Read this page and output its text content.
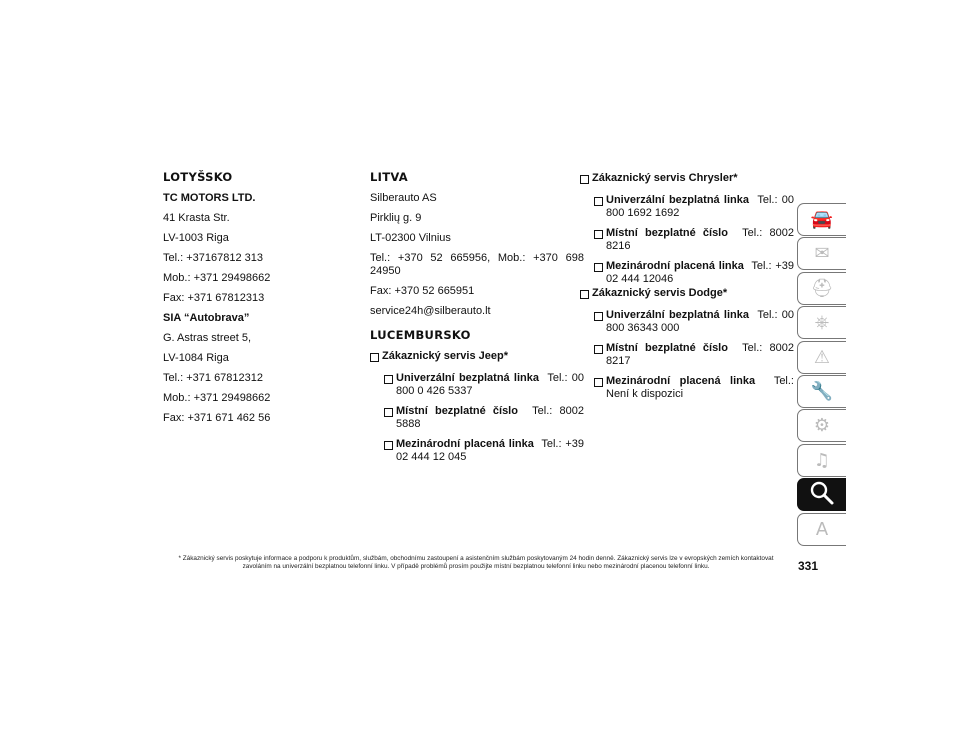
LOTYŠSKO
TC MOTORS LTD.
41 Krasta Str.
LV-1003 Riga
Tel.: +37167812 313
Mob.: +371 29498662
Fax: +371 67812313
SIA “Autobrava”
G. Astras street 5,
LV-1084 Riga
Tel.: +371 67812312
Mob.: +371 29498662
Fax: +371 671 462 56
LITVA
Silberauto AS
Pirklių g. 9
LT-02300 Vilnius
Tel.: +370 52 665956, Mob.: +370 698 24950
Fax: +370 52 665951
service24h@silberauto.lt
LUCEMBURSKO
Zákaznický servis Jeep*
Univerzální bezplatná linka Tel.: 00 800 0 426 5337
Místní bezplatné číslo Tel.: 8002 5888
Mezinárodní placená linka Tel.: +39 02 444 12 045
Zákaznický servis Chrysler*
Univerzální bezplatná linka Tel.: 00 800 1692 1692
Místní bezplatné číslo Tel.: 8002 8216
Mezinárodní placená linka Tel.: +39 02 444 12046
Zákaznický servis Dodge*
Univerzální bezplatná linka Tel.: 00 800 36343 000
Místní bezplatné číslo Tel.: 8002 8217
Mezinárodní placená linka Tel.: Není k dispozici
🚘
✉
⛑
⎈
⚠
🔧
⚙
♫
A
* Zákaznický servis poskytuje informace a podporu k produktům, službám, obchodnímu zastoupení a asistenčním službám poskytovaným 24 hodin denně. Zákaznický servis lze v evropských zemích kontaktovat zavoláním na univerzální bezplatnou telefonní linku. V případě problémů prosím použijte místní bezplatnou telefonní linku nebo mezinárodní placenou telefonní linku.	331
